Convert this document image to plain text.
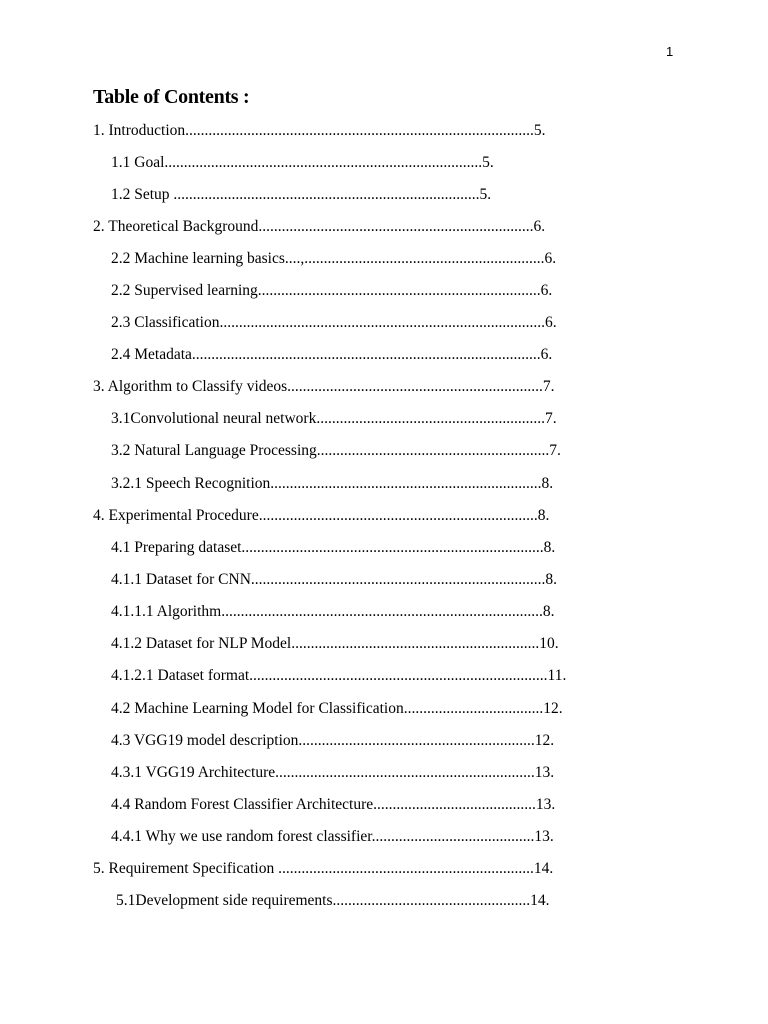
1
Table of Contents :
1. Introduction..........................................................................................5.
1.1 Goal..................................................................................5.
1.2 Setup ...............................................................................5.
2. Theoretical Background.......................................................................6.
2.2 Machine learning basics....,..............................................................6.
2.2 Supervised learning.........................................................................6.
2.3 Classification....................................................................................6.
2.4 Metadata..........................................................................................6.
3. Algorithm to Classify videos..................................................................7.
3.1Convolutional neural network...........................................................7.
3.2 Natural Language Processing............................................................7.
3.2.1 Speech Recognition......................................................................8.
4. Experimental Procedure........................................................................8.
4.1 Preparing dataset..............................................................................8.
4.1.1 Dataset for CNN............................................................................8.
4.1.1.1 Algorithm...................................................................................8.
4.1.2 Dataset for NLP Model................................................................10.
4.1.2.1 Dataset format.............................................................................11.
4.2 Machine Learning Model for Classification....................................12.
4.3 VGG19 model description.............................................................12.
4.3.1 VGG19 Architecture...................................................................13.
4.4 Random Forest Classifier Architecture..........................................13.
4.4.1 Why we use random forest classifier..........................................13.
5. Requirement Specification ..................................................................14.
5.1Development side requirements...................................................14.
